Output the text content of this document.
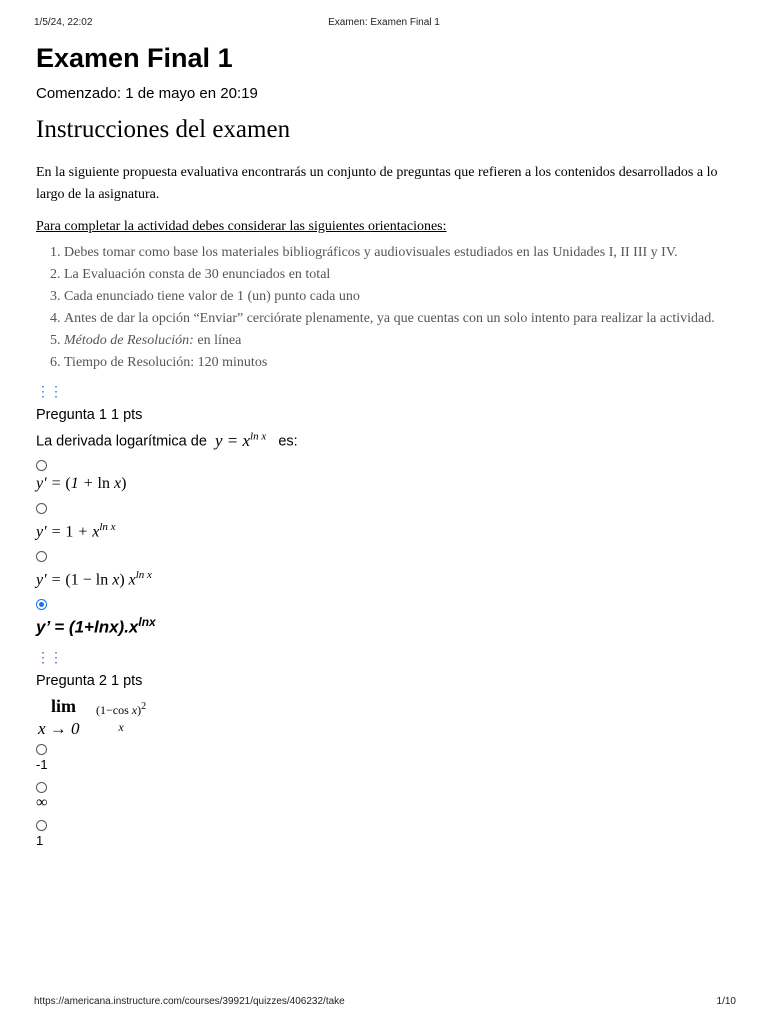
1/5/24, 22:02	Examen: Examen Final 1
Examen Final 1

Comenzado: 1 de mayo en 20:19

Instrucciones del examen

En la siguiente propuesta evaluativa encontrarás un conjunto de preguntas que refieren a los contenidos desarrollados a lo largo de la asignatura.

Para completar la actividad debes considerar las siguientes orientaciones:

1. Debes tomar como base los materiales bibliográficos y audiovisuales estudiados en las Unidades I, II III y IV.
2. La Evaluación consta de 30 enunciados en total
3. Cada enunciado tiene valor de 1 (un) punto cada uno
4. Antes de dar la opción “Enviar” cerciórate plenamente, ya que cuentas con un solo intento para realizar la actividad.
5. Método de Resolución: en línea
6. Tiempo de Resolución: 120 minutos
⋮⋮

Pregunta 1 1 pts

La derivada logarítmica de $y = x^{ln x}$ es:

y′ = (1 + ln x)
$y' = 1 + x^{ln x}$
y′ = (1 − ln x) $x^{ln x}$
y’ = $(1+\ln x).x^{lnx}$
⋮⋮

Pregunta 2 1 pts

lim
x → 0
(1−cos x)$^2$
x
-1
∞
1
https://americana.instructure.com/courses/39921/quizzes/406232/take	1/10
